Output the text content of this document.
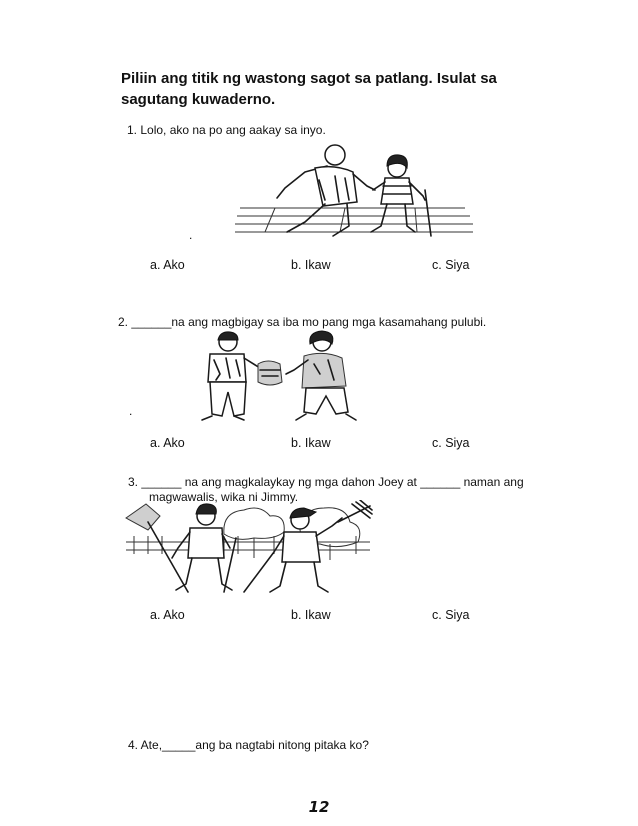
Piliin ang titik ng wastong sagot sa patlang. Isulat sa sagutang kuwaderno.
1. Lolo, ako na po ang aakay sa inyo.
.
a. Ako	b. Ikaw	c. Siya
2. ______na ang magbigay sa iba mo pang mga kasamahang pulubi.
.
a. Ako	b. Ikaw	c. Siya
3. ______ na ang magkalaykay ng mga dahon Joey at ______ naman ang
magwawalis, wika ni Jimmy.
a. Ako	b. Ikaw	c. Siya
4. Ate,_____ang ba nagtabi nitong pitaka ko?
12
